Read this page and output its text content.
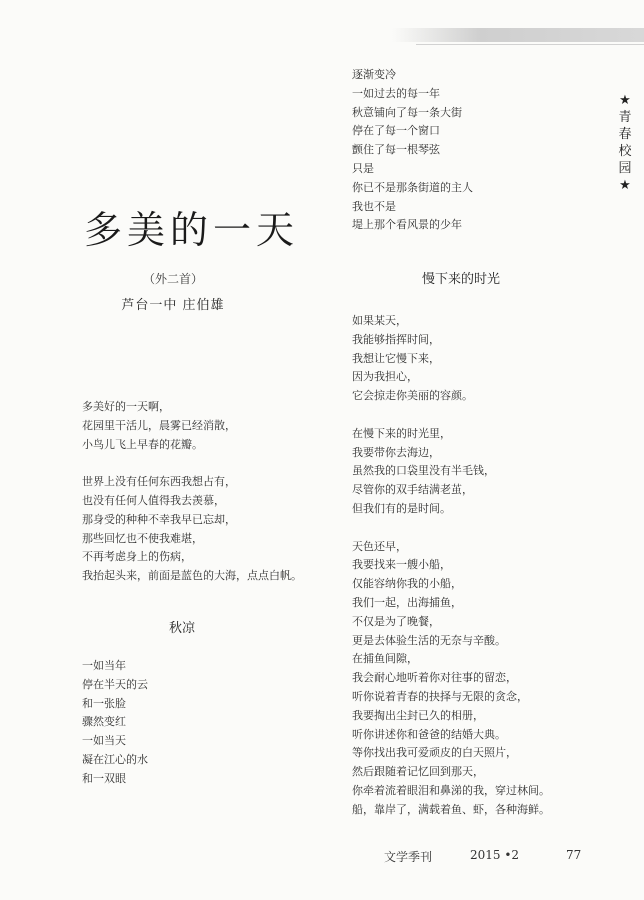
★青春校园★
多美的一天
（外二首）
芦台一中 庄伯雄
多美好的一天啊，
花园里干活儿，晨雾已经消散，
小鸟儿飞上早春的花瓣。
世界上没有任何东西我想占有，
也没有任何人值得我去羡慕，
那身受的种种不幸我早已忘却，
那些回忆也不使我难堪，
不再考虑身上的伤病，
我抬起头来，前面是蓝色的大海，点点白帆。
秋凉
一如当年
停在半天的云
和一张脸
骤然变红
一如当天
凝在江心的水
和一双眼
逐渐变冷
一如过去的每一年
秋意铺向了每一条大街
停在了每一个窗口
颤住了每一根琴弦
只是
你已不是那条街道的主人
我也不是
堤上那个看风景的少年
慢下来的时光
如果某天，
我能够指挥时间，
我想让它慢下来，
因为我担心，
它会掠走你美丽的容颜。
在慢下来的时光里，
我要带你去海边，
虽然我的口袋里没有半毛钱，
尽管你的双手结满老茧，
但我们有的是时间。
天色还早，
我要找来一艘小船，
仅能容纳你我的小船，
我们一起，出海捕鱼，
不仅是为了晚餐，
更是去体验生活的无奈与辛酸。
在捕鱼间隙，
我会耐心地听着你对往事的留恋，
听你说着青春的抉择与无限的贪念，
我要掏出尘封已久的相册，
听你讲述你和爸爸的结婚大典。
等你找出我可爱顽皮的白天照片，
然后跟随着记忆回到那天，
你牵着流着眼泪和鼻涕的我，穿过林间。
船，靠岸了，满载着鱼、虾，各种海鲜。
文学季刊	2015 •2	77
